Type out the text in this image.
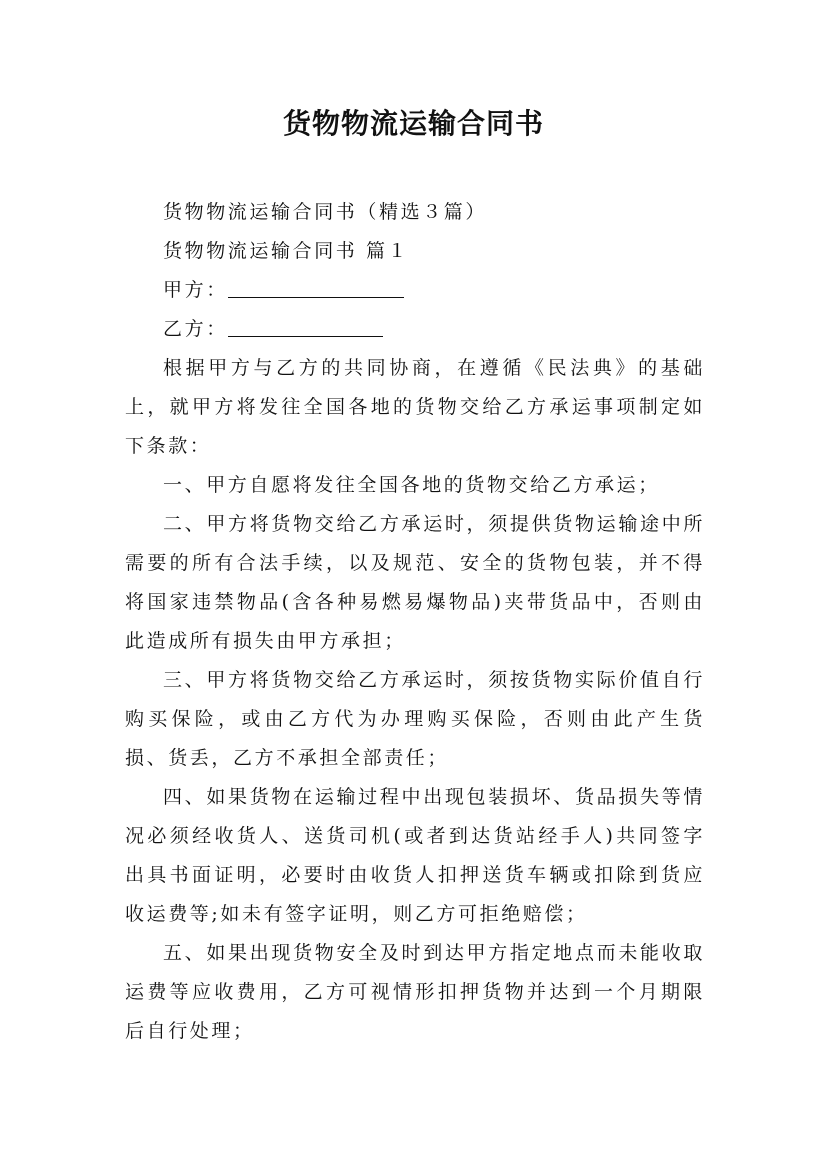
货物物流运输合同书

货物物流运输合同书（精选３篇）

货物物流运输合同书 篇１

甲方：

乙方：

根据甲方与乙方的共同协商，在遵循《民法典》的基础上，就甲方将发往全国各地的货物交给乙方承运事项制定如下条款：

一、甲方自愿将发往全国各地的货物交给乙方承运；

二、甲方将货物交给乙方承运时，须提供货物运输途中所需要的所有合法手续，以及规范、安全的货物包装，并不得将国家违禁物品(含各种易燃易爆物品)夹带货品中，否则由此造成所有损失由甲方承担；

三、甲方将货物交给乙方承运时，须按货物实际价值自行购买保险，或由乙方代为办理购买保险，否则由此产生货损、货丢，乙方不承担全部责任；

四、如果货物在运输过程中出现包装损坏、货品损失等情况必须经收货人、送货司机(或者到达货站经手人)共同签字出具书面证明，必要时由收货人扣押送货车辆或扣除到货应收运费等;如未有签字证明，则乙方可拒绝赔偿；

五、如果出现货物安全及时到达甲方指定地点而未能收取运费等应收费用，乙方可视情形扣押货物并达到一个月期限后自行处理；
